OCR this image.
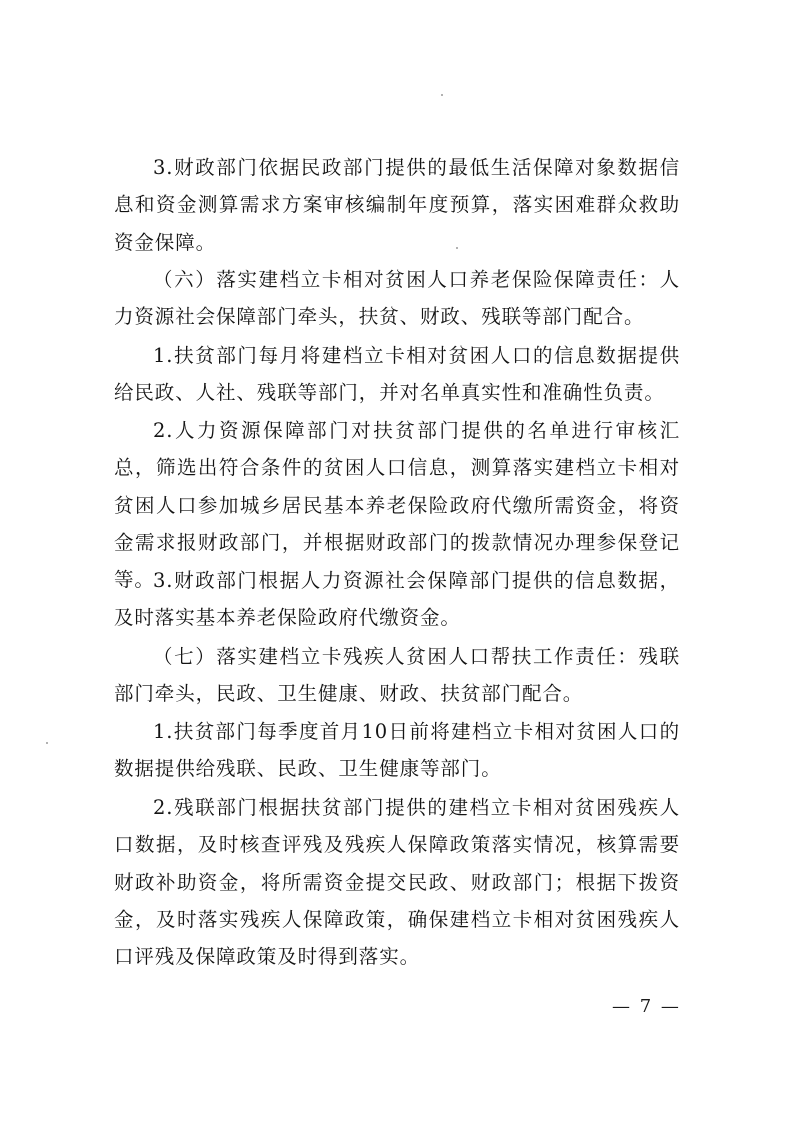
3.财政部门依据民政部门提供的最低生活保障对象数据信息和资金测算需求方案审核编制年度预算，落实困难群众救助资金保障。

（六）落实建档立卡相对贫困人口养老保险保障责任：人力资源社会保障部门牵头，扶贫、财政、残联等部门配合。

1.扶贫部门每月将建档立卡相对贫困人口的信息数据提供给民政、人社、残联等部门，并对名单真实性和准确性负责。

2.人力资源保障部门对扶贫部门提供的名单进行审核汇总，筛选出符合条件的贫困人口信息，测算落实建档立卡相对贫困人口参加城乡居民基本养老保险政府代缴所需资金，将资金需求报财政部门，并根据财政部门的拨款情况办理参保登记等。

3.财政部门根据人力资源社会保障部门提供的信息数据，及时落实基本养老保险政府代缴资金。

（七）落实建档立卡残疾人贫困人口帮扶工作责任：残联部门牵头，民政、卫生健康、财政、扶贫部门配合。

1.扶贫部门每季度首月10日前将建档立卡相对贫困人口的数据提供给残联、民政、卫生健康等部门。

2.残联部门根据扶贫部门提供的建档立卡相对贫困残疾人口数据，及时核查评残及残疾人保障政策落实情况，核算需要财政补助资金，将所需资金提交民政、财政部门；根据下拨资金，及时落实残疾人保障政策，确保建档立卡相对贫困残疾人口评残及保障政策及时得到落实。

— 7 —
